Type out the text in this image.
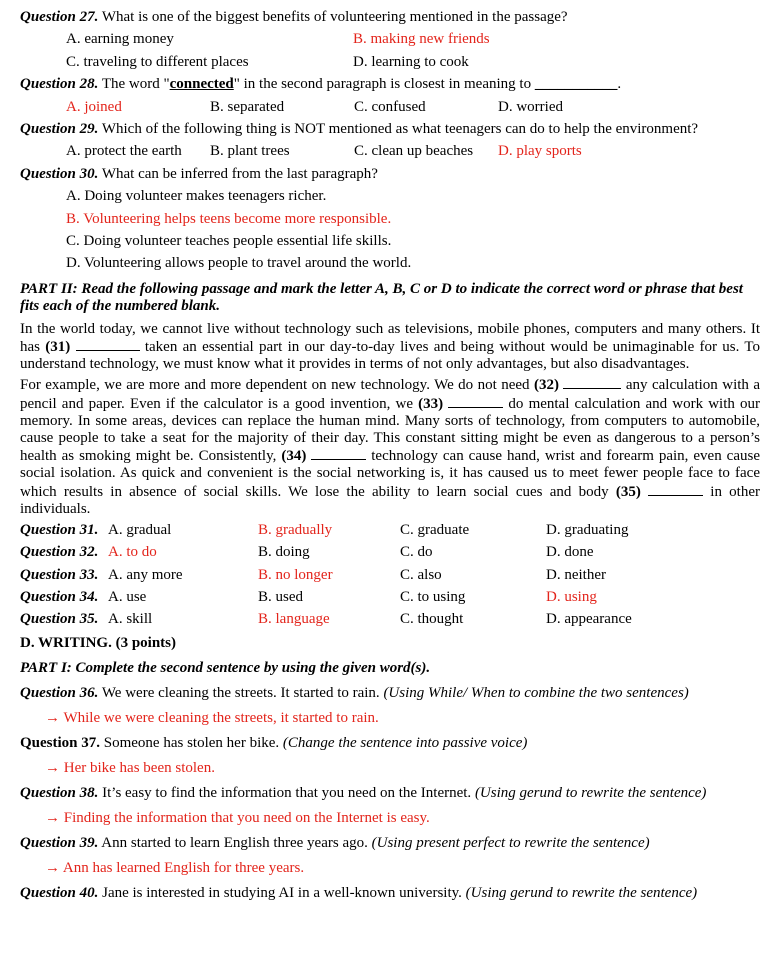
Question 27. What is one of the biggest benefits of volunteering mentioned in the passage?
A. earning money	B. making new friends
C. traveling to different places	D. learning to cook
Question 28. The word "connected" in the second paragraph is closest in meaning to ___________.
A. joined	B. separated	C. confused	D. worried
Question 29. Which of the following thing is NOT mentioned as what teenagers can do to help the environment?
A. protect the earth B. plant trees	C. clean up beaches D. play sports
Question 30. What can be inferred from the last paragraph?
A. Doing volunteer makes teenagers richer.
B. Volunteering helps teens become more responsible.
C. Doing volunteer teaches people essential life skills.
D. Volunteering allows people to travel around the world.
PART II: Read the following passage and mark the letter A, B, C or D to indicate the correct word or phrase that best fits each of the numbered blank.
In the world today, we cannot live without technology such as televisions, mobile phones, computers and many others. It has (31)	taken an essential part in our day-to-day lives and being without would be unimaginable for us. To understand technology, we must know what it provides in terms of not only advantages, but also disadvantages.
For example, we are more and more dependent on new technology. We do not need (32)	any calculation with a pencil and paper. Even if the calculator is a good invention, we (33)	do mental calculation and work with our memory. In some areas, devices can replace the human mind. Many sorts of technology, from computers to automobile, cause people to take a seat for the majority of their day. This constant sitting might be even as dangerous to a person’s health as smoking might be. Consistently, (34)	technology can cause hand, wrist and forearm pain, even cause social isolation. As quick and convenient is the social networking is, it has caused us to meet fewer people face to face which results in absence of social skills. We lose the ability to learn social cues and body (35)	in other individuals.
Question 31. A. gradual	B. gradually	C. graduate	D. graduating
Question 32. A. to do	B. doing	C. do	D. done
Question 33. A. any more	B. no longer	C. also	D. neither
Question 34. A. use	B. used	C. to using	D. using
Question 35. A. skill	B. language	C. thought	D. appearance
D. WRITING. (3 points)
PART I: Complete the second sentence by using the given word(s).
Question 36. We were cleaning the streets. It started to rain. (Using While/ When to combine the two sentences)
→ While we were cleaning the streets, it started to rain.
Question 37. Someone has stolen her bike. (Change the sentence into passive voice)
→ Her bike has been stolen.
Question 38. It’s easy to find the information that you need on the Internet. (Using gerund to rewrite the sentence)
→ Finding the information that you need on the Internet is easy.
Question 39. Ann started to learn English three years ago. (Using present perfect to rewrite the sentence)
→ Ann has learned English for three years.
Question 40. Jane is interested in studying AI in a well-known university. (Using gerund to rewrite the sentence)
